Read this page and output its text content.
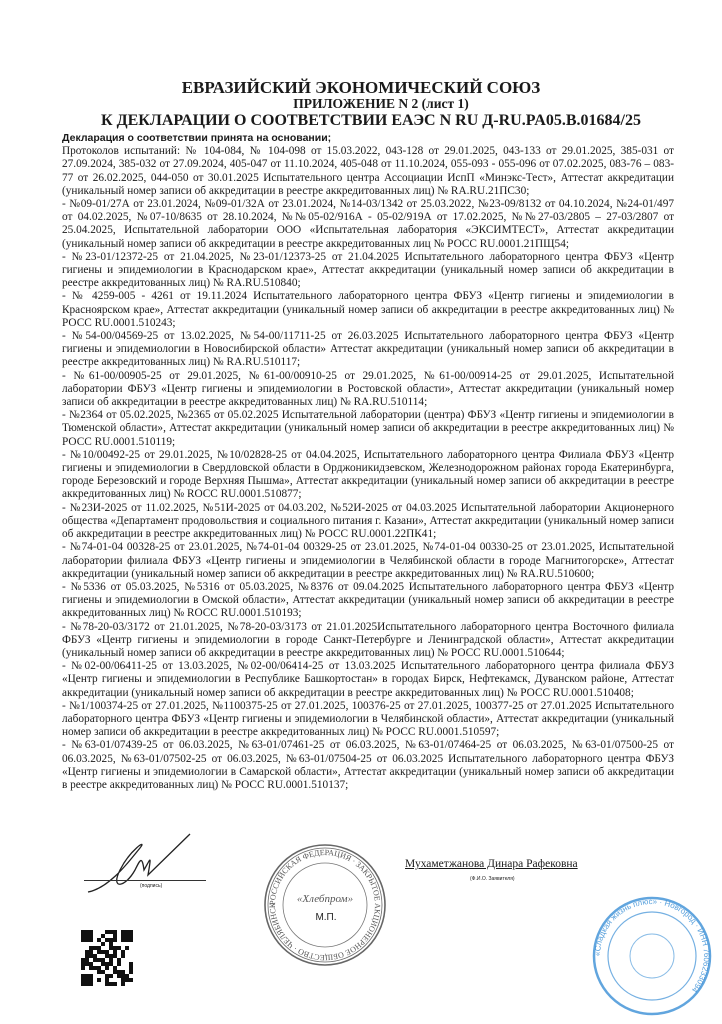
ЕВРАЗИЙСКИЙ ЭКОНОМИЧЕСКИЙ СОЮЗ
ПРИЛОЖЕНИЕ N 2 (лист 1)
К ДЕКЛАРАЦИИ О СООТВЕТСТВИИ ЕАЭС N RU Д-RU.PA05.B.01684/25

Декларация о соответствии принята на основании;

Протоколов испытаний: № 104-084, № 104-098 от 15.03.2022, 043-128 от 29.01.2025, 043-133 от 29.01.2025, 385-031 от 27.09.2024, 385-032 от 27.09.2024, 405-047 от 11.10.2024, 405-048 от 11.10.2024, 055-093 - 055-096 от 07.02.2025, 083-76 – 083-77 от 26.02.2025, 044-050 от 30.01.2025 Испытательного центра Ассоциации ИспП «Минэкс-Тест», Аттестат аккредитации (уникальный номер записи об аккредитации в реестре аккредитованных лиц) № RA.RU.21ПС30;

- №09-01/27А от 23.01.2024, №09-01/32А от 23.01.2024, №14-03/1342 от 25.03.2022, №23-09/8132 от 04.10.2024, №24-01/497 от 04.02.2025, №07-10/8635 от 28.10.2024, №№05-02/916А - 05-02/919А от 17.02.2025, №№27-03/2805 – 27-03/2807 от 25.04.2025, Испытательной лаборатории ООО «Испытательная лаборатория «ЭКСИМТЕСТ», Аттестат аккредитации (уникальный номер записи об аккредитации в реестре аккредитованных лиц № РОСС RU.0001.21ПЩ54;

- №23-01/12372-25 от 21.04.2025, №23-01/12373-25 от 21.04.2025 Испытательного лабораторного центра ФБУЗ «Центр гигиены и эпидемиологии в Краснодарском крае», Аттестат аккредитации (уникальный номер записи об аккредитации в реестре аккредитованных лиц) № RA.RU.510840;

- № 4259-005 - 4261 от 19.11.2024 Испытательного лабораторного центра ФБУЗ «Центр гигиены и эпидемиологии в Красноярском крае», Аттестат аккредитации (уникальный номер записи об аккредитации в реестре аккредитованных лиц) № РОСС RU.0001.510243;

- №54-00/04569-25 от 13.02.2025, №54-00/11711-25 от 26.03.2025 Испытательного лабораторного центра ФБУЗ «Центр гигиены и эпидемиологии в Новосибирской области» Аттестат аккредитации (уникальный номер записи об аккредитации в реестре аккредитованных лиц) № RA.RU.510117;

- №61-00/00905-25 от 29.01.2025, №61-00/00910-25 от 29.01.2025, №61-00/00914-25 от 29.01.2025, Испытательной лаборатории ФБУЗ «Центр гигиены и эпидемиологии в Ростовской области», Аттестат аккредитации (уникальный номер записи об аккредитации в реестре аккредитованных лиц) № RA.RU.510114;

- №2364 от 05.02.2025, №2365 от 05.02.2025 Испытательной лаборатории (центра) ФБУЗ «Центр гигиены и эпидемиологии в Тюменской области», Аттестат аккредитации (уникальный номер записи об аккредитации в реестре аккредитованных лиц) № РОСС RU.0001.510119;

- №10/00492-25 от 29.01.2025, №10/02828-25 от 04.04.2025, Испытательного лабораторного центра Филиала ФБУЗ «Центр гигиены и эпидемиологии в Свердловской области в Орджоникидзевском, Железнодорожном районах города Екатеринбурга, городе Березовский и городе Верхняя Пышма», Аттестат аккредитации (уникальный номер записи об аккредитации в реестре аккредитованных лиц) № ROCC RU.0001.510877;

- №23И-2025 от 11.02.2025, №51И-2025 от 04.03.202, №52И-2025 от 04.03.2025 Испытательной лаборатории Акционерного общества «Департамент продовольствия и социального питания г. Казани», Аттестат аккредитации (уникальный номер записи об аккредитации в реестре аккредитованных лиц) № РОСС RU.0001.22ПК41;

- №74-01-04 00328-25 от 23.01.2025, №74-01-04 00329-25 от 23.01.2025, №74-01-04 00330-25 от 23.01.2025, Испытательной лаборатории филиала ФБУЗ «Центр гигиены и эпидемиологии в Челябинской области в городе Магнитогорске», Аттестат аккредитации (уникальный номер записи об аккредитации в реестре аккредитованных лиц) № RA.RU.510600;

- №5336 от 05.03.2025, №5316 от 05.03.2025, №8376 от 09.04.2025 Испытательного лабораторного центра ФБУЗ «Центр гигиены и эпидемиологии в Омской области», Аттестат аккредитации (уникальный номер записи об аккредитации в реестре аккредитованных лиц) № ROCC RU.0001.510193;

- №78-20-03/3172 от 21.01.2025, №78-20-03/3173 от 21.01.2025Испытательного лабораторного центра Восточного филиала ФБУЗ «Центр гигиены и эпидемиологии в городе Санкт-Петербурге и Ленинградской области», Аттестат аккредитации (уникальный номер записи об аккредитации в реестре аккредитованных лиц) № РОСС RU.0001.510644;

- №02-00/06411-25 от 13.03.2025, №02-00/06414-25 от 13.03.2025 Испытательного лабораторного центра филиала ФБУЗ «Центр гигиены и эпидемиологии в Республике Башкортостан» в городах Бирск, Нефтекамск, Дуванском районе, Аттестат аккредитации (уникальный номер записи об аккредитации в реестре аккредитованных лиц) № РОСС RU.0001.510408;

- №1/100374-25 от 27.01.2025, №1100375-25 от 27.01.2025, 100376-25 от 27.01.2025, 100377-25 от 27.01.2025 Испытательного лабораторного центра ФБУЗ «Центр гигиены и эпидемиологии в Челябинской области», Аттестат аккредитации (уникальный номер записи об аккредитации в реестре аккредитованных лиц) № РОСС RU.0001.510597;

- №63-01/07439-25 от 06.03.2025, №63-01/07461-25 от 06.03.2025, №63-01/07464-25 от 06.03.2025, №63-01/07500-25 от 06.03.2025, №63-01/07502-25 от 06.03.2025, №63-01/07504-25 от 06.03.2025 Испытательного лабораторного центра ФБУЗ «Центр гигиены и эпидемиологии в Самарской области», Аттестат аккредитации (уникальный номер записи об аккредитации в реестре аккредитованных лиц) № РОСС RU.0001.510137;

«Сладкая жизнь плюс» · Новгород · ИНН 7606233094
(подпись)
РОССИЙСКАЯ ФЕДЕРАЦИЯ · ЗАКРЫТОЕ АКЦИОНЕРНОЕ ОБЩЕСТВО · ЧЕЛЯБИНСК
«Хлебпром»
М.П.
Мухаметжанова Динара Рафековна
(Ф.И.О. Заявителя)
